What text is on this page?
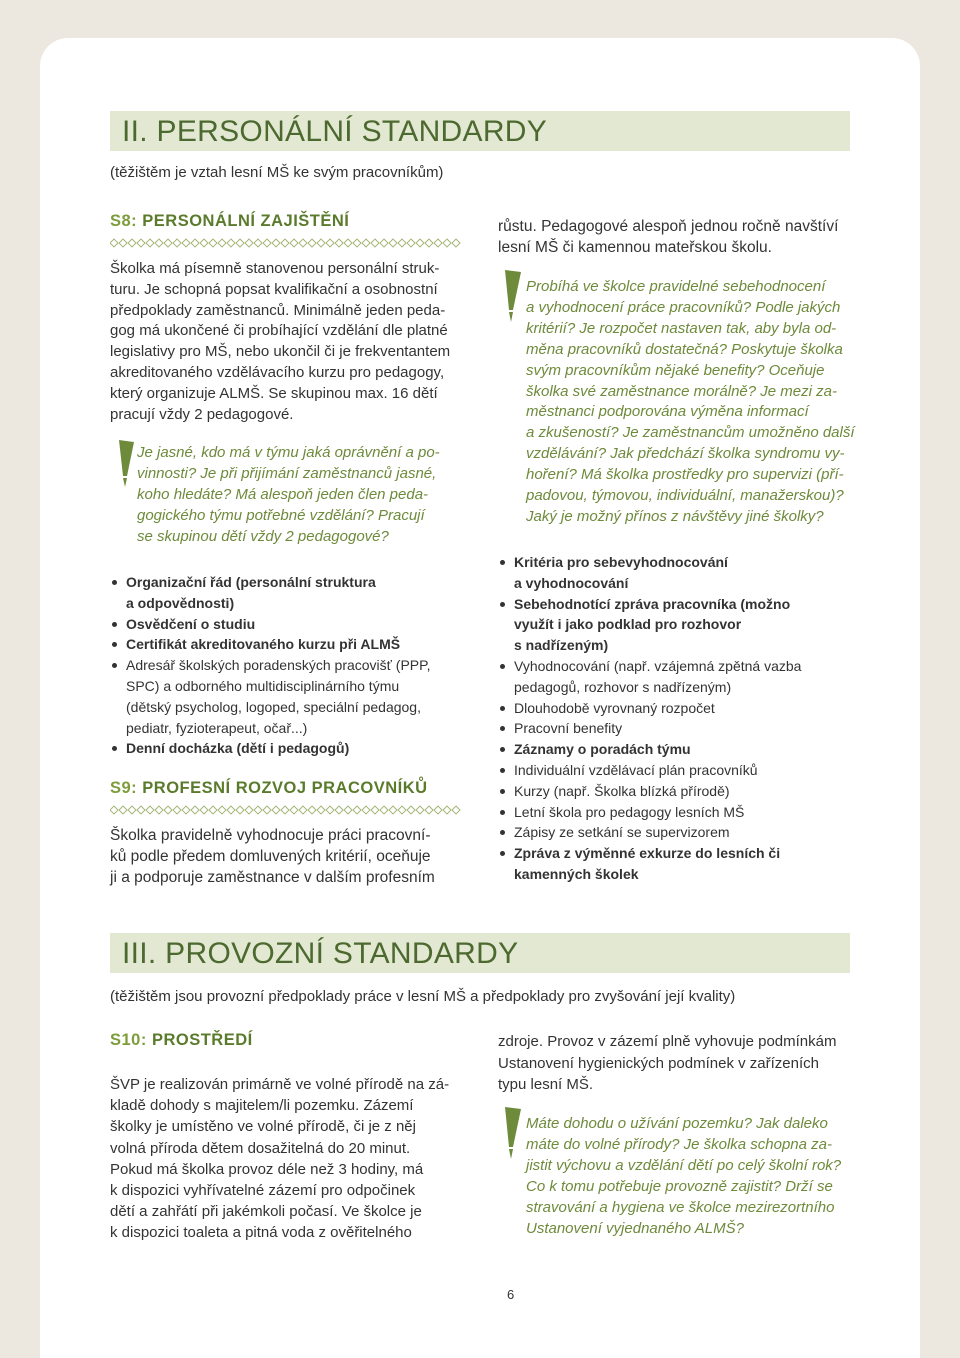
II. PERSONÁLNÍ STANDARDY
(těžištěm je vztah lesní MŠ ke svým pracovníkům)
S8: PERSONÁLNÍ ZAJIŠTĚNÍ
Školka má písemně stanovenou personální struk-
turu. Je schopná popsat kvalifikační a osobnostní
předpoklady zaměstnanců. Minimálně jeden peda-
gog má ukončené či probíhající vzdělání dle platné
legislativy pro MŠ, nebo ukončil či je frekventantem
akreditovaného vzdělávacího kurzu pro pedagogy,
který organizuje ALMŠ. Se skupinou max. 16 dětí
pracují vždy 2 pedagogové.
Je jasné, kdo má v týmu jaká oprávnění a po-
vinnosti? Je při přijímání zaměstnanců jasné,
koho hledáte? Má alespoň jeden člen peda-
gogického týmu potřebné vzdělání? Pracují
se skupinou dětí vždy 2 pedagogové?
Organizační řád (personální struktura
a odpovědnosti)
Osvědčení o studiu
Certifikát akreditovaného kurzu při ALMŠ
Adresář školských poradenských pracovišť (PPP,
SPC) a odborného multidisciplinárního týmu
(dětský psycholog, logoped, speciální pedagog,
pediatr, fyzioterapeut, očař...)
Denní docházka (dětí i pedagogů)
S9: PROFESNÍ ROZVOJ PRACOVNÍKŮ
Školka pravidelně vyhodnocuje práci pracovní-
ků podle předem domluvených kritérií, oceňuje
ji a podporuje zaměstnance v dalším profesním
růstu. Pedagogové alespoň jednou ročně navštíví
lesní MŠ či kamennou mateřskou školu.
Probíhá ve školce pravidelné sebehodnocení
a vyhodnocení práce pracovníků? Podle jakých
kritérií? Je rozpočet nastaven tak, aby byla od-
měna pracovníků dostatečná? Poskytuje školka
svým pracovníkům nějaké benefity? Oceňuje
školka své zaměstnance morálně? Je mezi za-
městnanci podporována výměna informací
a zkušeností? Je zaměstnancům umožněno další
vzdělávání? Jak předchází školka syndromu vy-
hoření? Má školka prostředky pro supervizi (pří-
padovou, týmovou, individuální, manažerskou)?
Jaký je možný přínos z návštěvy jiné školky?
Kritéria pro sebevyhodnocování
a vyhodnocování
Sebehodnotící zpráva pracovníka (možno
využít i jako podklad pro rozhovor
s nadřízeným)
Vyhodnocování (např. vzájemná zpětná vazba
pedagogů, rozhovor s nadřízeným)
Dlouhodobě vyrovnaný rozpočet
Pracovní benefity
Záznamy o poradách týmu
Individuální vzdělávací plán pracovníků
Kurzy (např. Školka blízká přírodě)
Letní škola pro pedagogy lesních MŠ
Zápisy ze setkání se supervizorem
Zpráva z výměnné exkurze do lesních či
kamenných školek
III. PROVOZNÍ STANDARDY
(těžištěm jsou provozní předpoklady práce v lesní MŠ a předpoklady pro zvyšování její kvality)
S10: PROSTŘEDÍ
ŠVP je realizován primárně ve volné přírodě na zá-
kladě dohody s majitelem/li pozemku. Zázemí
školky je umístěno ve volné přírodě, či je z něj
volná příroda dětem dosažitelná do 20 minut.
Pokud má školka provoz déle než 3 hodiny, má
k dispozici vyhřívatelné zázemí pro odpočinek
dětí a zahřátí při jakémkoli počasí. Ve školce je
k dispozici toaleta a pitná voda z ověřitelného
zdroje. Provoz v zázemí plně vyhovuje podmínkám
Ustanovení hygienických podmínek v zařízeních
typu lesní MŠ.
Máte dohodu o užívání pozemku? Jak daleko
máte do volné přírody? Je školka schopna za-
jistit výchovu a vzdělání dětí po celý školní rok?
Co k tomu potřebuje provozně zajistit? Drží se
stravování a hygiena ve školce mezirezortního
Ustanovení vyjednaného ALMŠ?
6
